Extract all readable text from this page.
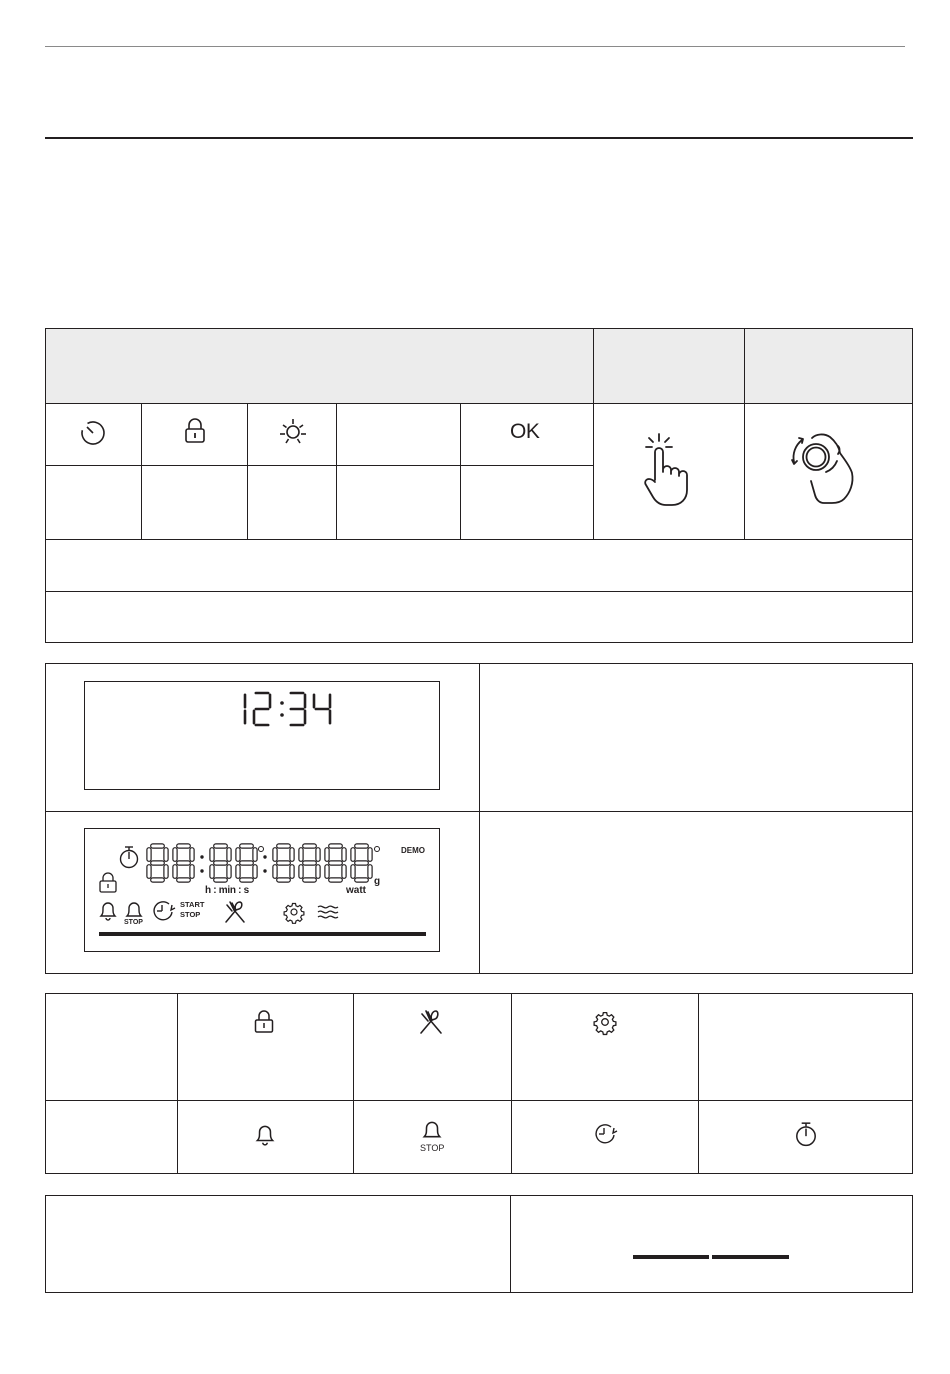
OK
DEMO
g
h : min : s	watt
STOP
START
STOP
STOP
